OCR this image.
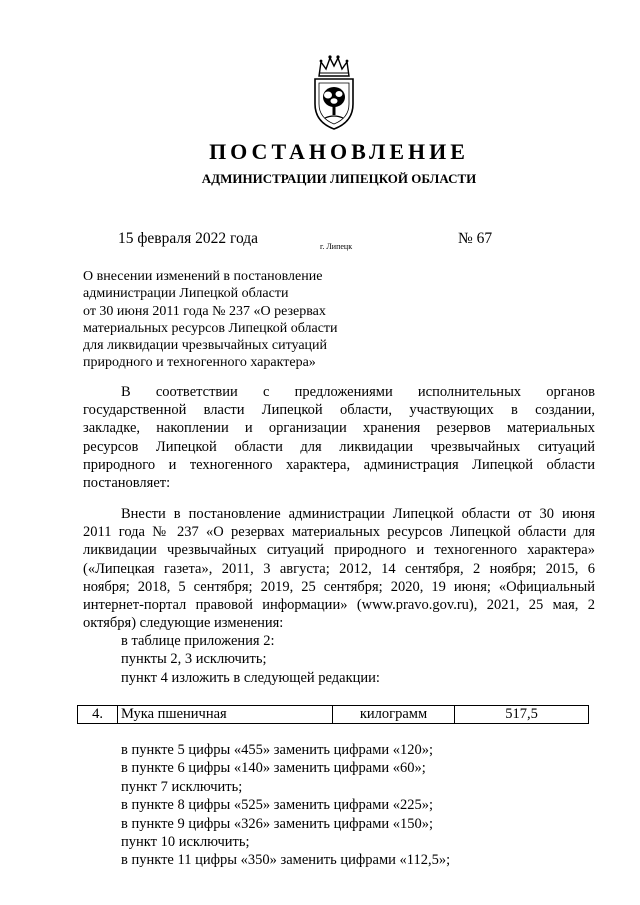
ПОСТАНОВЛЕНИЕ
АДМИНИСТРАЦИИ ЛИПЕЦКОЙ ОБЛАСТИ
15 февраля 2022 года	г. Липецк	№ 67
О внесении изменений в постановление
администрации Липецкой области
от 30 июня 2011 года № 237 «О резервах
материальных ресурсов Липецкой области
для ликвидации чрезвычайных ситуаций
природного и техногенного характера»
В соответствии с предложениями исполнительных органов
государственной власти Липецкой области, участвующих в создании,
закладке, накоплении и организации хранения резервов материальных
ресурсов Липецкой области для ликвидации чрезвычайных ситуаций
природного и техногенного характера, администрация Липецкой области
постановляет:
Внести в постановление администрации Липецкой области от 30 июня
2011 года № 237 «О резервах материальных ресурсов Липецкой области для
ликвидации чрезвычайных ситуаций природного и техногенного характера»
(«Липецкая газета», 2011, 3 августа; 2012, 14 сентября, 2 ноября; 2015, 6
ноября; 2018, 5 сентября; 2019, 25 сентября; 2020, 19 июня; «Официальный
интернет-портал правовой информации» (www.pravo.gov.ru), 2021, 25 мая, 2
октября) следующие изменения:
в таблице приложения 2:
пункты 2, 3 исключить;
пункт 4 изложить в следующей редакции:
4.	Мука пшеничная	килограмм	517,5
в пункте 5 цифры «455» заменить цифрами «120»;
в пункте 6 цифры «140» заменить цифрами «60»;
пункт 7 исключить;
в пункте 8 цифры «525» заменить цифрами «225»;
в пункте 9 цифры «326» заменить цифрами «150»;
пункт 10 исключить;
в пункте 11 цифры «350» заменить цифрами «112,5»;
